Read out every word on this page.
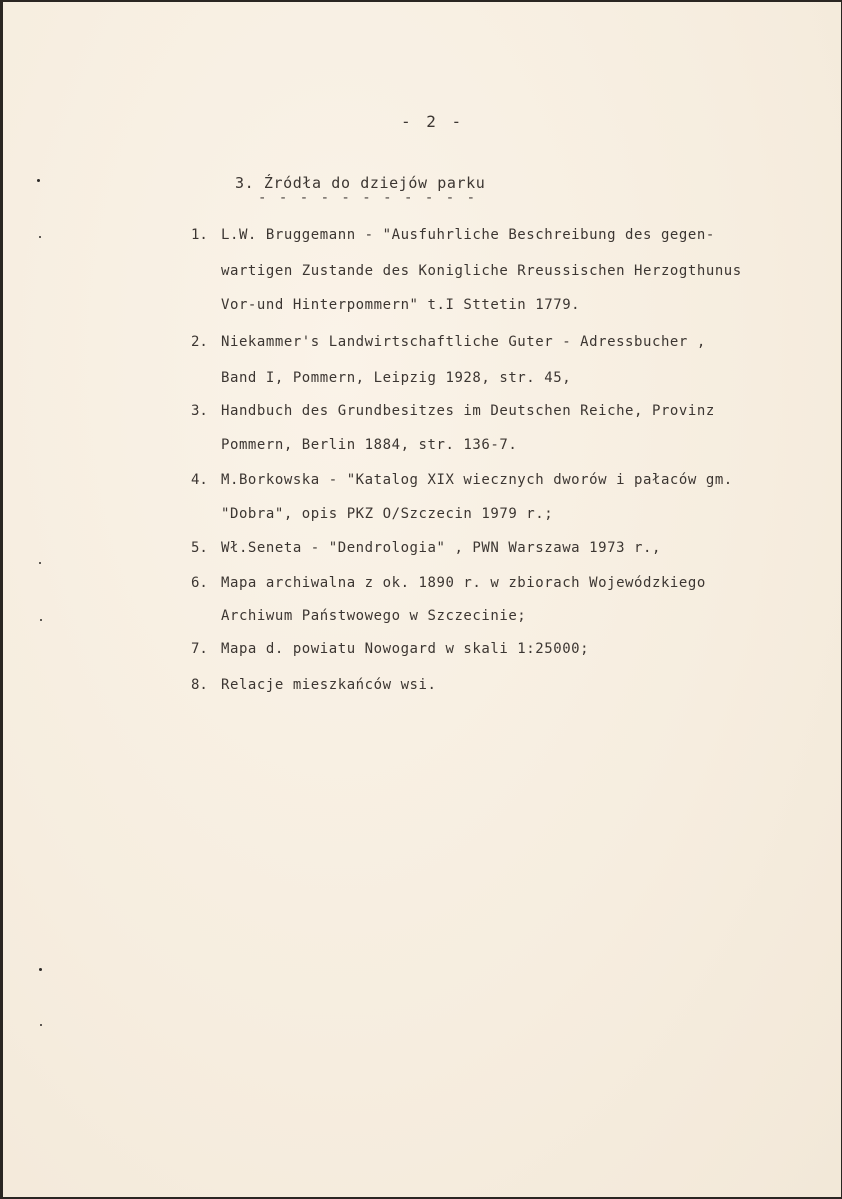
- 2 -
3. Źródła do dziejów parku
- - - - - - - - - - -
1. L.W. Bruggemann - "Ausfuhrliche Beschreibung des gegen-
wartigen Zustande des Konigliche Rreussischen Herzogthunus
Vor-und Hinterpommern" t.I Sttetin 1779.
2. Niekammer's Landwirtschaftliche Guter - Adressbucher ,
Band I, Pommern, Leipzig 1928, str. 45,
3. Handbuch des Grundbesitzes im Deutschen Reiche, Provinz
Pommern, Berlin 1884, str. 136-7.
4. M.Borkowska - "Katalog XIX wiecznych dworów i pałaców gm.
"Dobra", opis PKZ O/Szczecin 1979 r.;
5. Wł.Seneta - "Dendrologia" , PWN Warszawa 1973 r.,
6. Mapa archiwalna z ok. 1890 r. w zbiorach Wojewódzkiego
Archiwum Państwowego w Szczecinie;
7. Mapa d. powiatu Nowogard w skali 1:25000;
8. Relacje mieszkańców wsi.
